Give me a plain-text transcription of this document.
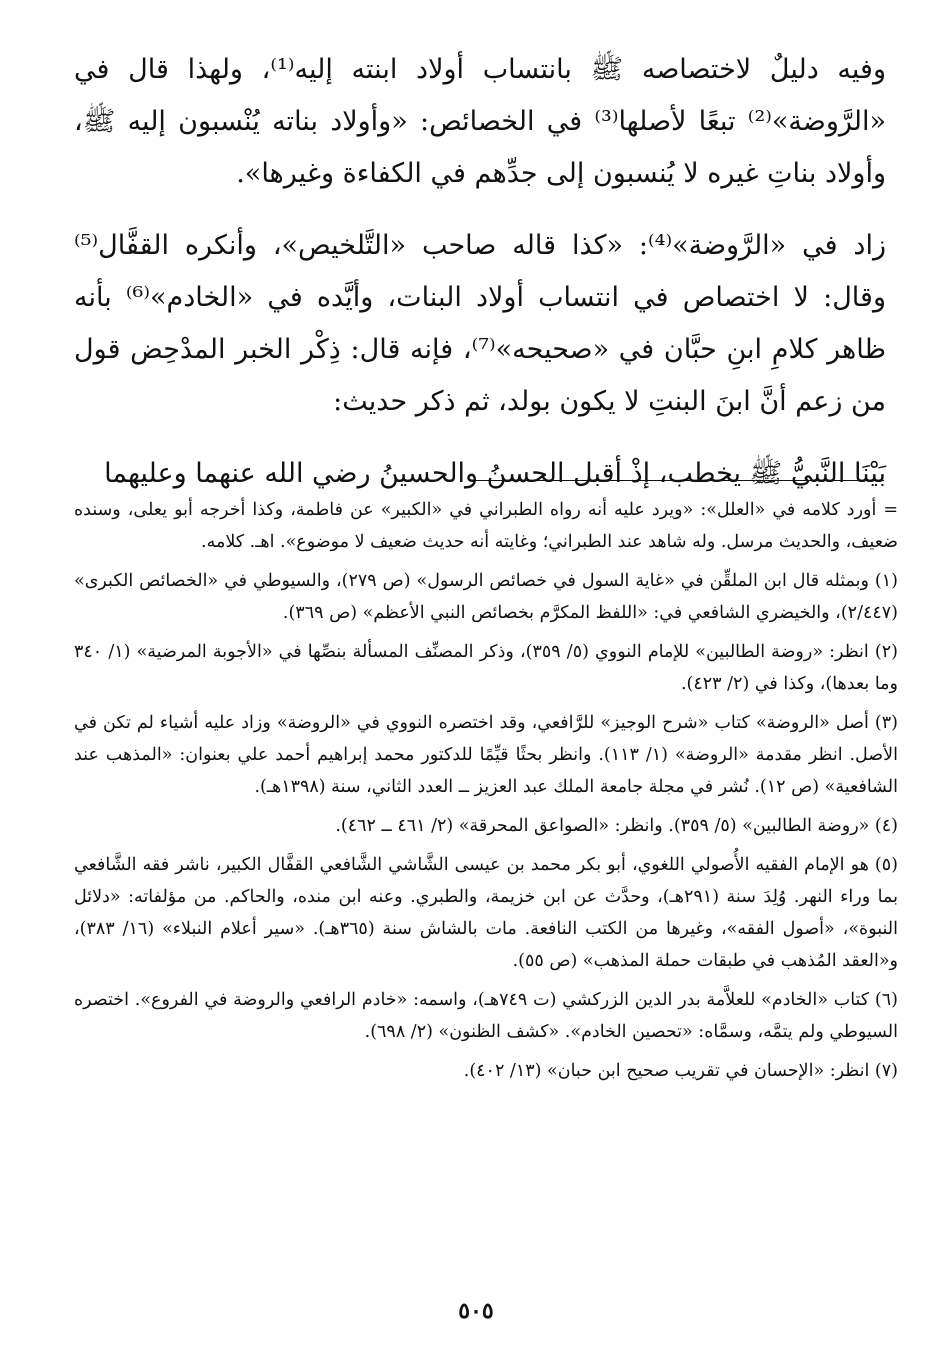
وفيه دليلٌ لاختصاصه ﷺ بانتساب أولاد ابنته إليه⁽¹⁾، ولهذا قال في «الرَّوضة»⁽²⁾ تبعًا لأصلها⁽³⁾ في الخصائص: «وأولاد بناته يُنْسبون إليه ﷺ، وأولاد بناتِ غيره لا يُنسبون إلى جدِّهم في الكفاءة وغيرها».

زاد في «الرَّوضة»⁽⁴⁾: «كذا قاله صاحب «التَّلخيص»، وأنكره القفَّال⁽⁵⁾ وقال: لا اختصاص في انتساب أولاد البنات، وأيَّده في «الخادم»⁽⁶⁾ بأنه ظاهر كلامِ ابنِ حبَّان في «صحيحه»⁽⁷⁾، فإنه قال: ذِكْر الخبر المدْحِض قول من زعم أنَّ ابنَ البنتِ لا يكون بولد، ثم ذكر حديث:

بَيْنَا النَّبيُّ ﷺ يخطب، إذْ أقبل الحسنُ والحسينُ رضي الله عنهما وعليهما

= أورد كلامه في «العلل»: «ويرد عليه أنه رواه الطبراني في «الكبير» عن فاطمة، وكذا أخرجه أبو يعلى، وسنده ضعيف، والحديث مرسل. وله شاهد عند الطبراني؛ وغايته أنه حديث ضعيف لا موضوع». اهـ. كلامه.

(١) وبمثله قال ابن الملقِّن في «غاية السول في خصائص الرسول» (ص ٢٧٩)، والسيوطي في «الخصائص الكبرى» (٢/٤٤٧)، والخيضري الشافعي في: «اللفظ المكرَّم بخصائص النبي الأعظم» (ص ٣٦٩).

(٢) انظر: «روضة الطالبين» للإمام النووي (٥/ ٣٥٩)، وذكر المصنِّف المسألة بنصِّها في «الأجوبة المرضية» (١/ ٣٤٠ وما بعدها)، وكذا في (٢/ ٤٢٣).

(٣) أصل «الروضة» كتاب «شرح الوجيز» للرَّافعي، وقد اختصره النووي في «الروضة» وزاد عليه أشياء لم تكن في الأصل. انظر مقدمة «الروضة» (١/ ١١٣). وانظر بحثًا قيِّمًا للدكتور محمد إبراهيم أحمد علي بعنوان: «المذهب عند الشافعية» (ص ١٢). نُشر في مجلة جامعة الملك عبد العزيز ــ العدد الثاني، سنة (١٣٩٨هـ).

(٤) «روضة الطالبين» (٥/ ٣٥٩). وانظر: «الصواعق المحرقة» (٢/ ٤٦١ ــ ٤٦٢).

(٥) هو الإمام الفقيه الأُصولي اللغوي، أبو بكر محمد بن عيسى الشَّاشي الشَّافعي القفَّال الكبير، ناشر فقه الشَّافعي بما وراء النهر. وُلِدَ سنة (٢٩١هـ)، وحدَّث عن ابن خزيمة، والطبري. وعنه ابن منده، والحاكم. من مؤلفاته: «دلائل النبوة»، «أصول الفقه»، وغيرها من الكتب النافعة. مات بالشاش سنة (٣٦٥هـ). «سير أعلام النبلاء» (١٦/ ٣٨٣)، و«العقد المُذهب في طبقات حملة المذهب» (ص ٥٥).

(٦) كتاب «الخادم» للعلاَّمة بدر الدين الزركشي (ت ٧٤٩هـ)، واسمه: «خادم الرافعي والروضة في الفروع». اختصره السيوطي ولم يتمَّه، وسمَّاه: «تحصين الخادم». «كشف الظنون» (٢/ ٦٩٨).

(٧) انظر: «الإحسان في تقريب صحيح ابن حبان» (١٣/ ٤٠٢).

٥٠٥
